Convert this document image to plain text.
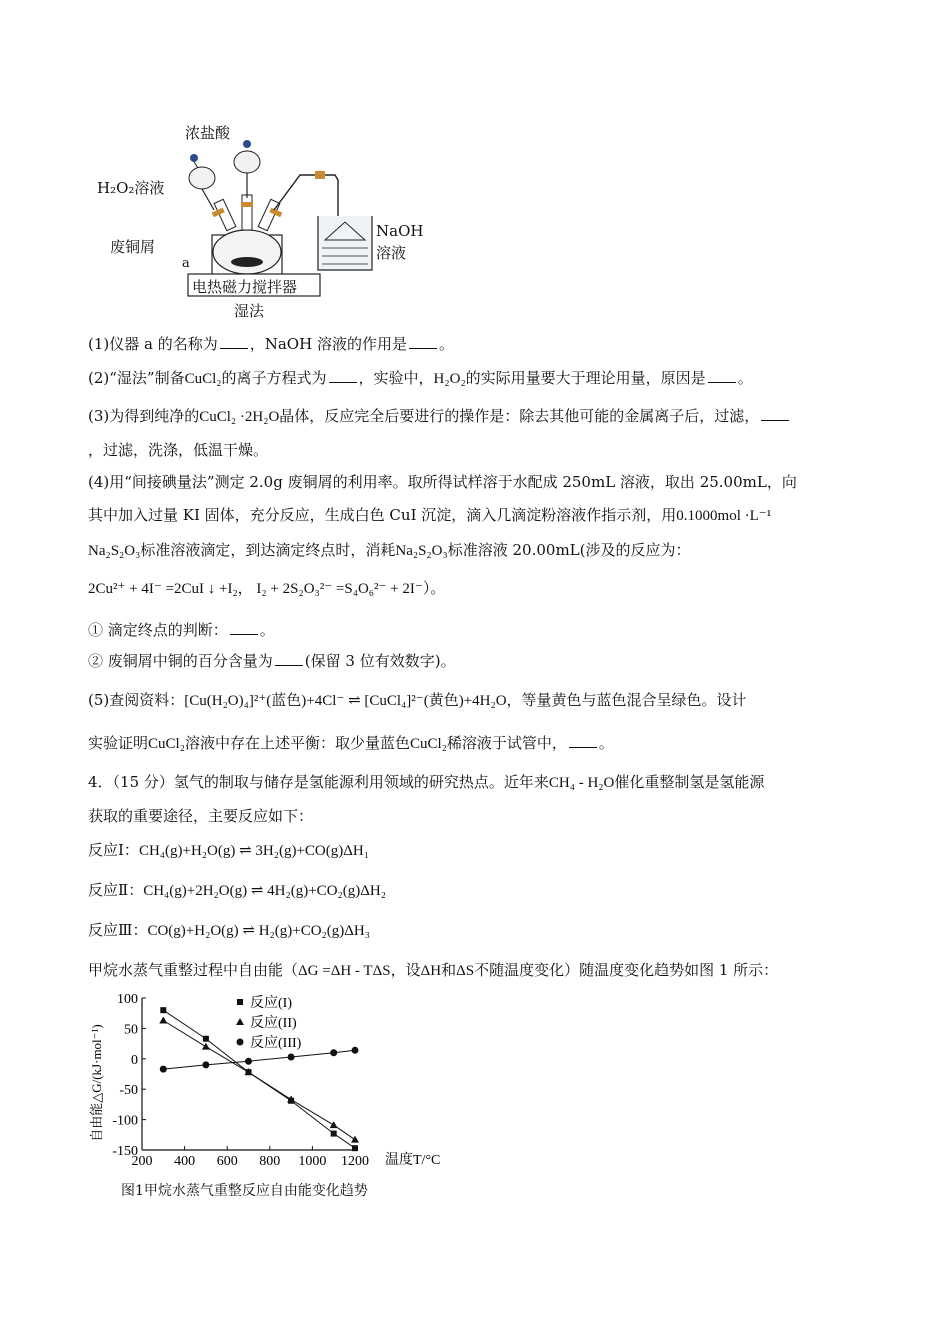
浓盐酸
H₂O₂溶液
废铜屑
a
NaOH
溶液
电热磁力搅拌器
湿法
(1)仪器 a 的名称为 ，NaOH 溶液的作用是 。
(2)“湿法”制备CuCl₂的离子方程式为 ，实验中，H₂O₂的实际用量要大于理论用量，原因是 。
(3)为得到纯净的CuCl₂ ·2H₂O晶体，反应完全后要进行的操作是：除去其他可能的金属离子后，过滤，
，过滤，洗涤，低温干燥。
(4)用“间接碘量法”测定 2.0g 废铜屑的利用率。取所得试样溶于水配成 250mL 溶液，取出 25.00mL，向
其中加入过量 KI 固体，充分反应，生成白色 CuI 沉淀，滴入几滴淀粉溶液作指示剂，用0.1000mol ·L⁻¹
Na₂S₂O₃标准溶液滴定，到达滴定终点时，消耗Na₂S₂O₃标准溶液 20.00mL(涉及的反应为：
2Cu²⁺ + 4I⁻ =2CuI ↓ +I₂， I₂ + 2S₂O₃²⁻ =S₄O₆²⁻ + 2I⁻）。
① 滴定终点的判断： 。
② 废铜屑中铜的百分含量为 (保留 3 位有效数字)。
(5)查阅资料：[Cu(H₂O)₄]²⁺(蓝色)+4Cl⁻ ⇌ [CuCl₄]²⁻(黄色)+4H₂O，等量黄色与蓝色混合呈绿色。设计
实验证明CuCl₂溶液中存在上述平衡：取少量蓝色CuCl₂稀溶液于试管中， 。
4．（15 分）氢气的制取与储存是氢能源利用领域的研究热点。近年来CH₄ - H₂O催化重整制氢是氢能源
获取的重要途径，主要反应如下：
反应Ⅰ：CH₄(g)+H₂O(g) ⇌ 3H₂(g)+CO(g)ΔH₁
反应Ⅱ：CH₄(g)+2H₂O(g) ⇌ 4H₂(g)+CO₂(g)ΔH₂
反应Ⅲ：CO(g)+H₂O(g) ⇌ H₂(g)+CO₂(g)ΔH₃
甲烷水蒸气重整过程中自由能（ΔG =ΔH - TΔS，设ΔH和ΔS不随温度变化）随温度变化趋势如图 1 所示：
200 400 600 800 1000 1200
100
50
0
-50
-100
-150
反应(I)
反应(II)
反应(III)
自由能△G/(kJ·mol⁻¹)
温度T/°C
图1甲烷水蒸气重整反应自由能变化趋势
